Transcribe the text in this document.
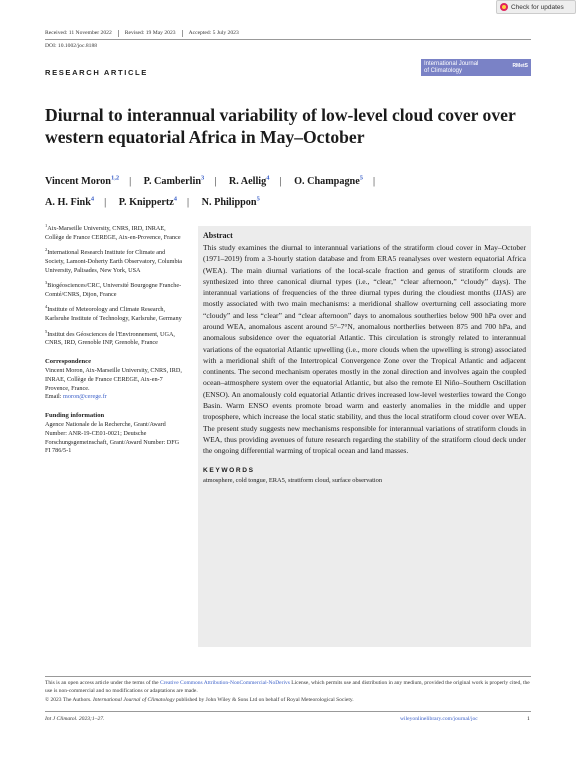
Check for updates
Received: 11 November 2022 Revised: 19 May 2023 Accepted: 5 July 2023
DOI: 10.1002/joc.8188
RESEARCH ARTICLE
International Journal
of Climatology
RMetS
Diurnal to interannual variability of low-level cloud cover over western equatorial Africa in May–October
Vincent Moron$^{1,2}$ | P. Camberlin$^3$ | R. Aellig$^4$ | O. Champagne$^5$ |
A. H. Fink$^4$ | P. Knippertz$^4$ | N. Philippon$^5$
$^1$Aix-Marseille University, CNRS, IRD, INRAE, Collège de France CEREGE, Aix-en-Provence, France
$^2$International Research Institute for Climate and Society, Lamont-Doherty Earth Observatory, Columbia University, Palisades, New York, USA
$^3$Biogéosciences/CRC, Université Bourgogne Franche-Comté/CNRS, Dijon, France
$^4$Institute of Meteorology and Climate Research, Karlsruhe Institute of Technology, Karlsruhe, Germany
$^5$Institut des Géosciences de l'Environnement, UGA, CNRS, IRD, Grenoble INP, Grenoble, France
Correspondence
Vincent Moron, Aix-Marseille University, CNRS, IRD, INRAE, Collège de France CEREGE, Aix-en-7 Provence, France.
Email: moron@cerege.fr
Funding information
Agence Nationale de la Recherche, Grant/Award Number: ANR-19-CE01-0021; Deutsche Forschungsgemeinschaft, Grant/Award Number: DFG FI 786/5-1
Abstract

This study examines the diurnal to interannual variations of the stratiform cloud cover in May–October (1971–2019) from a 3-hourly station database and from ERA5 reanalyses over western equatorial Africa (WEA). The main diurnal variations of the local-scale fraction and genus of stratiform clouds are synthesized into three canonical diurnal types (i.e., “clear,” “clear afternoon,” “cloudy” days). The interannual variations of frequencies of the three diurnal types during the cloudiest months (JJAS) are mostly associated with two main mechanisms: a meridional shallow overturning cell associating more “cloudy” and less “clear” and “clear afternoon” days to anomalous southerlies below 900 hPa over and around WEA, anomalous ascent around 5°–7°N, anomalous northerlies between 875 and 700 hPa, and anomalous subsidence over the equatorial Atlantic. This circulation is strongly related to interannual variations of the equatorial Atlantic upwelling (i.e., more clouds when the upwelling is strong) associated with a meridional shift of the Intertropical Convergence Zone over the Tropical Atlantic and adjacent continents. The second mechanism operates mostly in the zonal direction and involves again the coupled ocean–atmosphere system over the equatorial Atlantic, but also the remote El Niño–Southern Oscillation (ENSO). An anomalously cold equatorial Atlantic drives increased low-level westerlies toward the Congo Basin. Warm ENSO events promote broad warm and easterly anomalies in the middle and upper troposphere, which increase the local static stability, and thus the local stratiform cloud cover over WEA. The present study suggests new mechanisms responsible for interannual variations of stratiform clouds in WEA, thus providing avenues of future research regarding the stability of the stratiform cloud deck under the ongoing differential warming of tropical ocean and land masses.

KEYWORDS
atmosphere, cold tongue, ERA5, stratiform cloud, surface observation
This is an open access article under the terms of the Creative Commons Attribution-NonCommercial-NoDerivs License, which permits use and distribution in any medium, provided the original work is properly cited, the use is non-commercial and no modifications or adaptations are made.
© 2023 The Authors. International Journal of Climatology published by John Wiley & Sons Ltd on behalf of Royal Meteorological Society.
Int J Climatol. 2023;1–27.	wileyonlinelibrary.com/journal/joc	1
